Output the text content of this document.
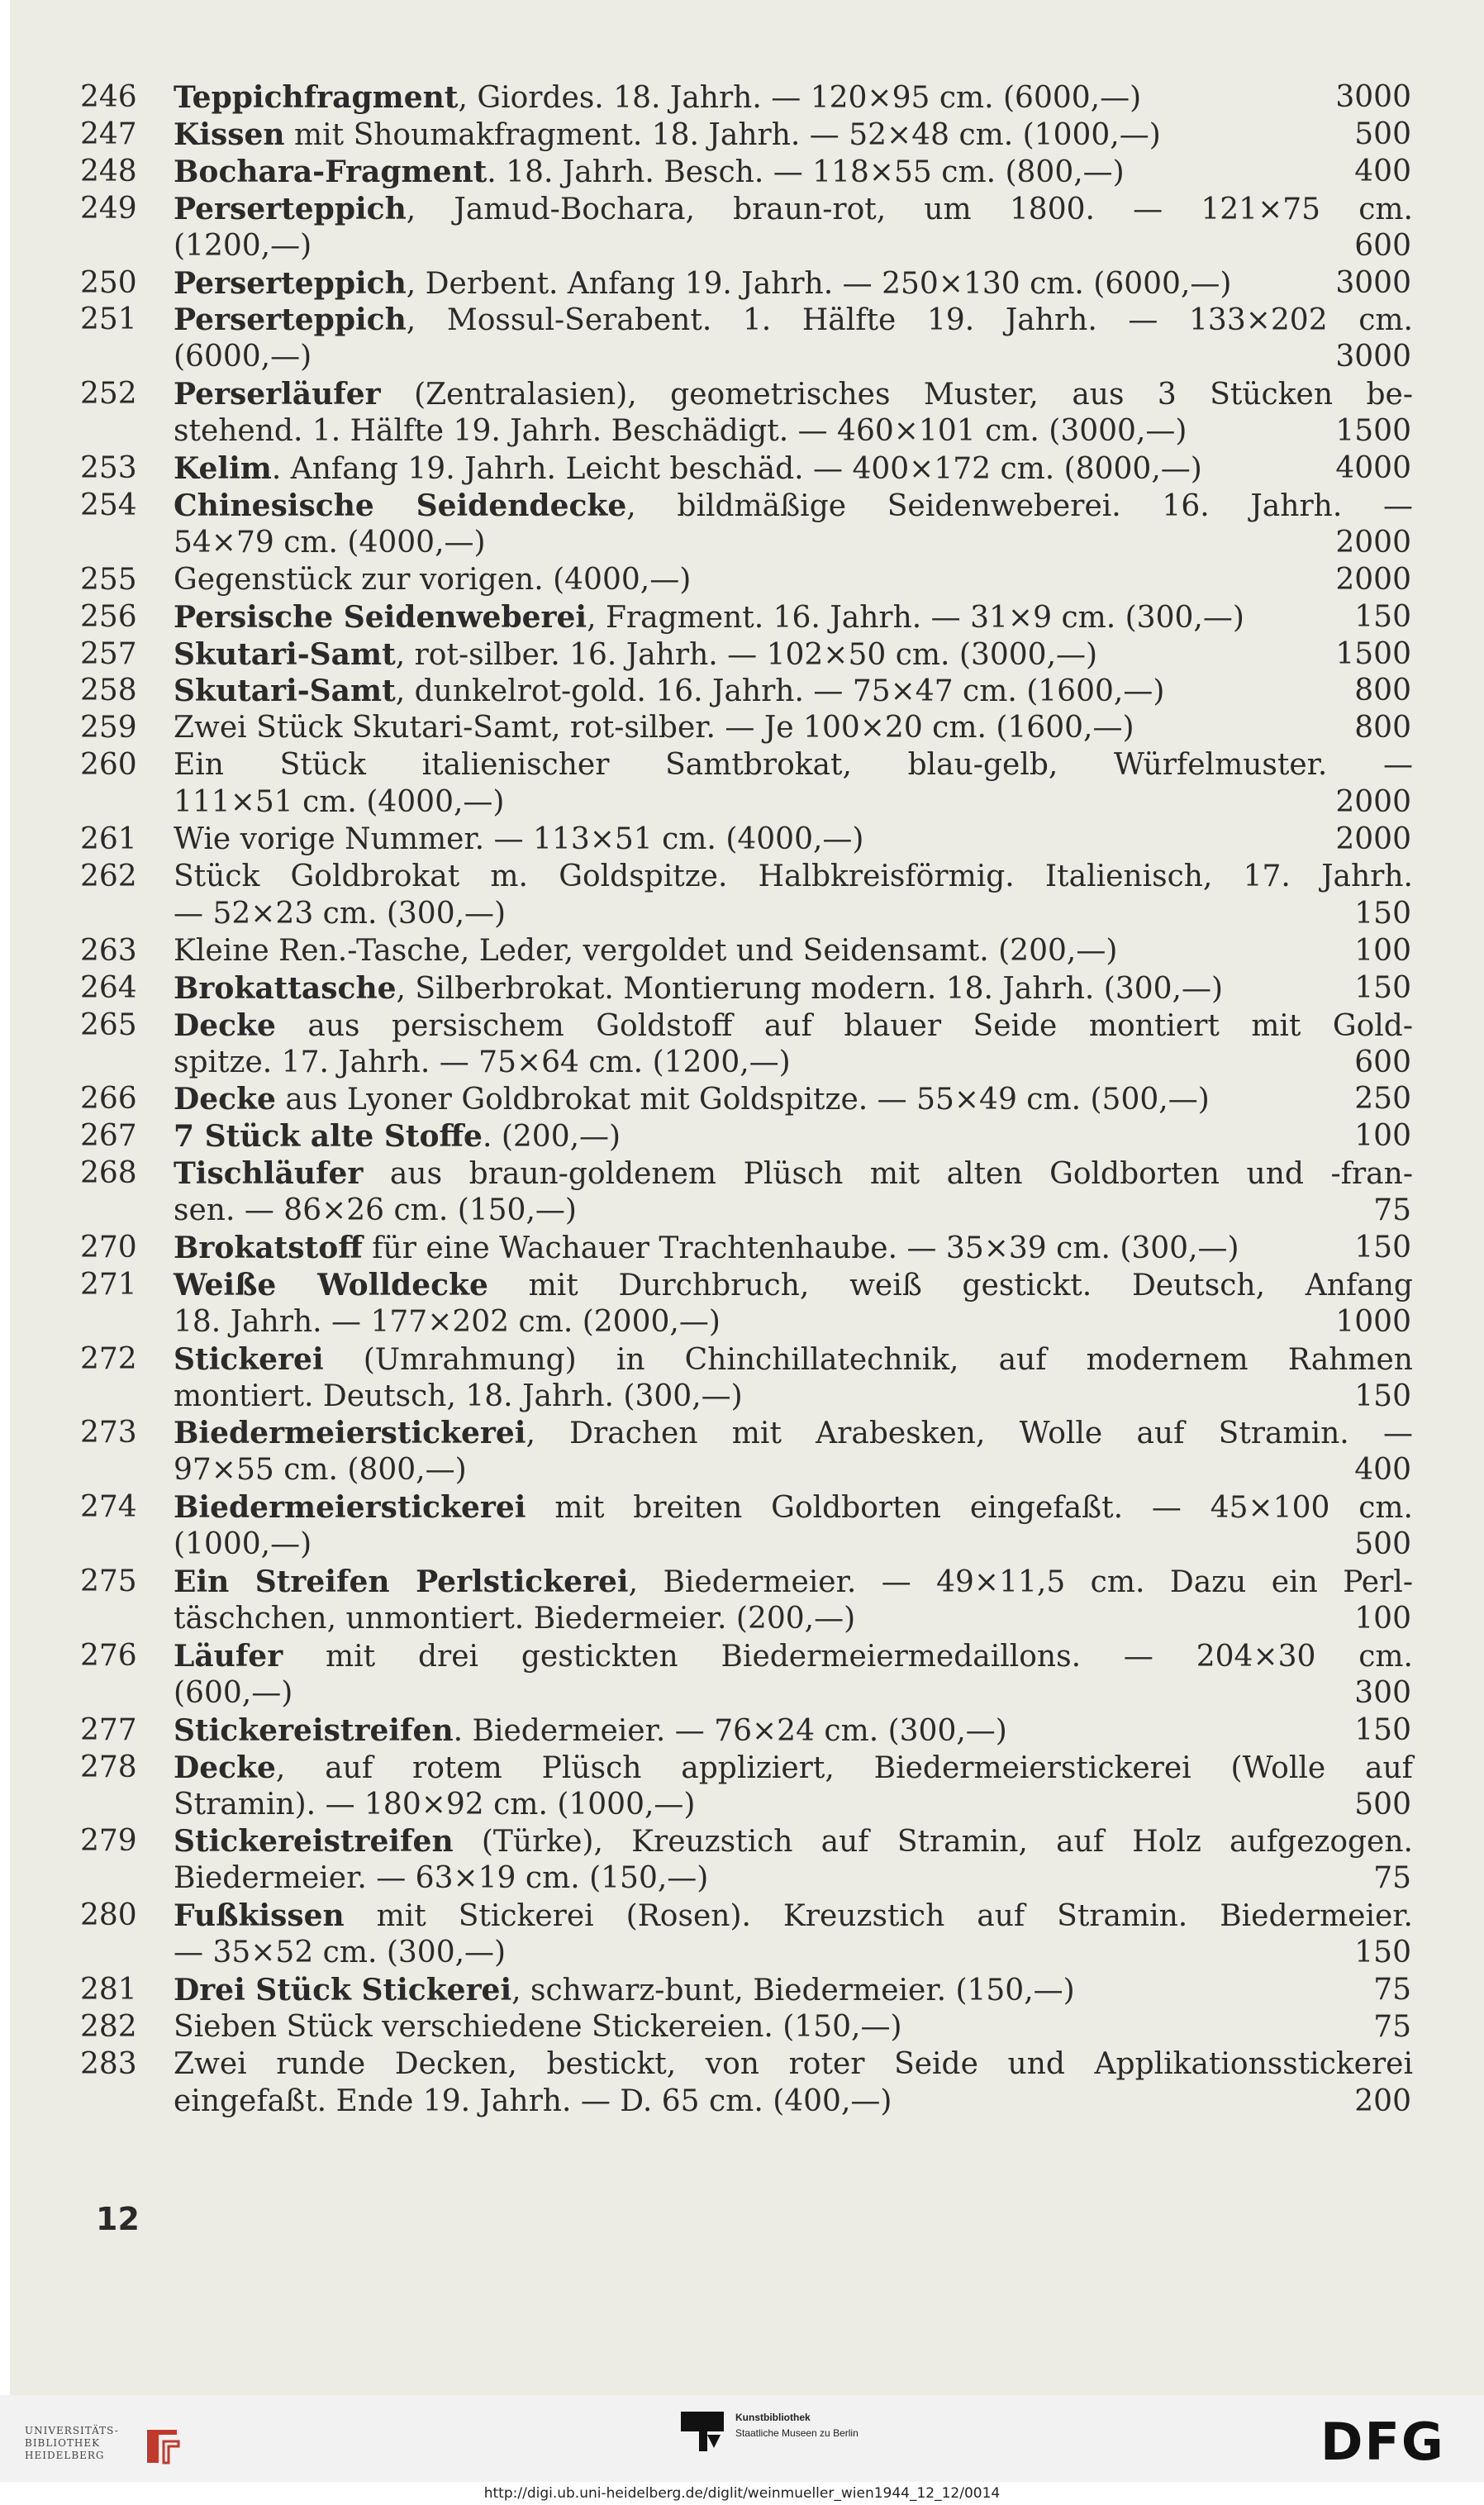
246	Teppichfragment, Giordes. 18. Jahrh. — 120×95 cm. (6000,—)	3000
247	Kissen mit Shoumakfragment. 18. Jahrh. — 52×48 cm. (1000,—)	500
248	Bochara-Fragment. 18. Jahrh. Besch. — 118×55 cm. (800,—)	400
249	Perserteppich, Jamud-Bochara, braun-rot, um 1800. — 121×75 cm.
(1200,—)	600
250	Perserteppich, Derbent. Anfang 19. Jahrh. — 250×130 cm. (6000,—)	3000
251	Perserteppich, Mossul-Serabent. 1. Hälfte 19. Jahrh. — 133×202 cm.
(6000,—)	3000
252	Perserläufer (Zentralasien), geometrisches Muster, aus 3 Stücken be-
stehend. 1. Hälfte 19. Jahrh. Beschädigt. — 460×101 cm. (3000,—)	1500
253	Kelim. Anfang 19. Jahrh. Leicht beschäd. — 400×172 cm. (8000,—)	4000
254	Chinesische Seidendecke, bildmäßige Seidenweberei. 16. Jahrh. —
54×79 cm. (4000,—)	2000
255	Gegenstück zur vorigen. (4000,—)	2000
256	Persische Seidenweberei, Fragment. 16. Jahrh. — 31×9 cm. (300,—)	150
257	Skutari-Samt, rot-silber. 16. Jahrh. — 102×50 cm. (3000,—)	1500
258	Skutari-Samt, dunkelrot-gold. 16. Jahrh. — 75×47 cm. (1600,—)	800
259	Zwei Stück Skutari-Samt, rot-silber. — Je 100×20 cm. (1600,—)	800
260	Ein Stück italienischer Samtbrokat, blau-gelb, Würfelmuster. —
111×51 cm. (4000,—)	2000
261	Wie vorige Nummer. — 113×51 cm. (4000,—)	2000
262	Stück Goldbrokat m. Goldspitze. Halbkreisförmig. Italienisch, 17. Jahrh.
— 52×23 cm. (300,—)	150
263	Kleine Ren.-Tasche, Leder, vergoldet und Seidensamt. (200,—)	100
264	Brokattasche, Silberbrokat. Montierung modern. 18. Jahrh. (300,—)	150
265	Decke aus persischem Goldstoff auf blauer Seide montiert mit Gold-
spitze. 17. Jahrh. — 75×64 cm. (1200,—)	600
266	Decke aus Lyoner Goldbrokat mit Goldspitze. — 55×49 cm. (500,—)	250
267	7 Stück alte Stoffe. (200,—)	100
268	Tischläufer aus braun-goldenem Plüsch mit alten Goldborten und -fran-
sen. — 86×26 cm. (150,—)	75
270	Brokatstoff für eine Wachauer Trachtenhaube. — 35×39 cm. (300,—)	150
271	Weiße Wolldecke mit Durchbruch, weiß gestickt. Deutsch, Anfang
18. Jahrh. — 177×202 cm. (2000,—)	1000
272	Stickerei (Umrahmung) in Chinchillatechnik, auf modernem Rahmen
montiert. Deutsch, 18. Jahrh. (300,—)	150
273	Biedermeierstickerei, Drachen mit Arabesken, Wolle auf Stramin. —
97×55 cm. (800,—)	400
274	Biedermeierstickerei mit breiten Goldborten eingefaßt. — 45×100 cm.
(1000,—)	500
275	Ein Streifen Perlstickerei, Biedermeier. — 49×11,5 cm. Dazu ein Perl-
täschchen, unmontiert. Biedermeier. (200,—)	100
276	Läufer mit drei gestickten Biedermeiermedaillons. — 204×30 cm.
(600,—)	300
277	Stickereistreifen. Biedermeier. — 76×24 cm. (300,—)	150
278	Decke, auf rotem Plüsch appliziert, Biedermeierstickerei (Wolle auf
Stramin). — 180×92 cm. (1000,—)	500
279	Stickereistreifen (Türke), Kreuzstich auf Stramin, auf Holz aufgezogen.
Biedermeier. — 63×19 cm. (150,—)	75
280	Fußkissen mit Stickerei (Rosen). Kreuzstich auf Stramin. Biedermeier.
— 35×52 cm. (300,—)	150
281	Drei Stück Stickerei, schwarz-bunt, Biedermeier. (150,—)	75
282	Sieben Stück verschiedene Stickereien. (150,—)	75
283	Zwei runde Decken, bestickt, von roter Seide und Applikationsstickerei
eingefaßt. Ende 19. Jahrh. — D. 65 cm. (400,—)	200
12
UNIVERSITÄTS-
BIBLIOTHEK
HEIDELBERG
Kunstbibliothek
Staatliche Museen zu Berlin	DFG
http://digi.ub.uni-heidelberg.de/diglit/weinmueller_wien1944_12_12/0014
